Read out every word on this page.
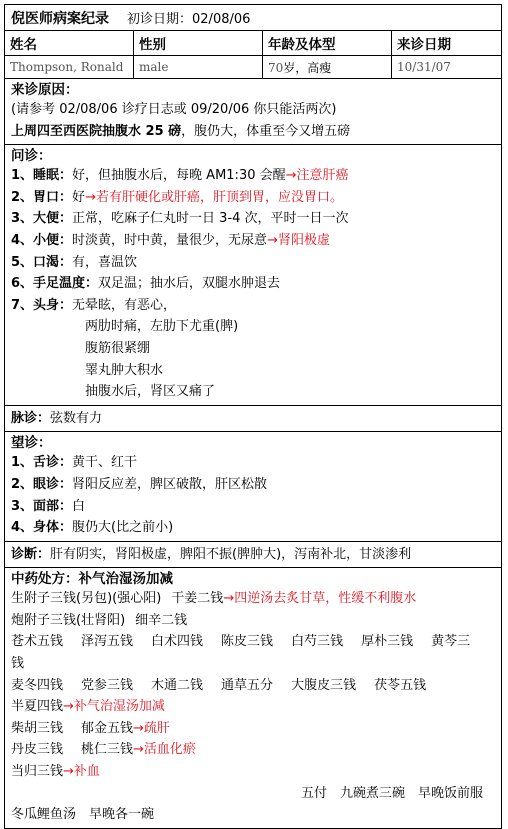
倪医师病案纪录 初诊日期：02/08/06
姓名	性别	年龄及体型	来诊日期
Thompson, Ronald	male	70岁，高瘦	10/31/07
来诊原因：
(请参考 02/08/06 诊疗日志或 09/20/06 你只能活两次)
上周四至西医院抽腹水 25 磅，腹仍大，体重至今又增五磅
问诊：
1、睡眠：好，但抽腹水后，每晚 AM1:30 会醒→注意肝癌
2、胃口：好→若有肝硬化或肝癌，肝顶到胃，应没胃口。
3、大便：正常，吃麻子仁丸时一日 3-4 次，平时一日一次
4、小便：时淡黄，时中黄，量很少，无尿意→肾阳极虚
5、口渴：有，喜温饮
6、手足温度：双足温；抽水后，双腿水肿退去
7、头身：无晕眩，有恶心，
两肋时痛，左肋下尤重(脾)
腹筋很紧绷
睪丸肿大积水
抽腹水后，肾区又痛了
脉诊：弦数有力
望诊：
1、舌诊：黄干、红干
2、眼诊：肾阳反应差，脾区破散，肝区松散
3、面部：白
4、身体：腹仍大(比之前小)
诊断：肝有阴实，肾阳极虚，脾阳不振(脾肿大)，泻南补北，甘淡渗利
中药处方：补气治湿汤加减
生附子三钱(另包)(强心阳) 干姜二钱→四逆汤去炙甘草，性缓不利腹水
炮附子三钱(壮肾阳) 细辛二钱
苍术五钱 泽泻五钱 白术四钱 陈皮三钱 白芍三钱 厚朴三钱 黄芩三
钱
麦冬四钱 党参三钱 木通二钱 通草五分 大腹皮三钱 茯苓五钱
半夏四钱→补气治湿汤加减
柴胡三钱 郁金五钱→疏肝
丹皮三钱 桃仁三钱→活血化瘀
当归三钱→补血
五付　九碗煮三碗　早晚饭前服
冬瓜鲤鱼汤　早晚各一碗
